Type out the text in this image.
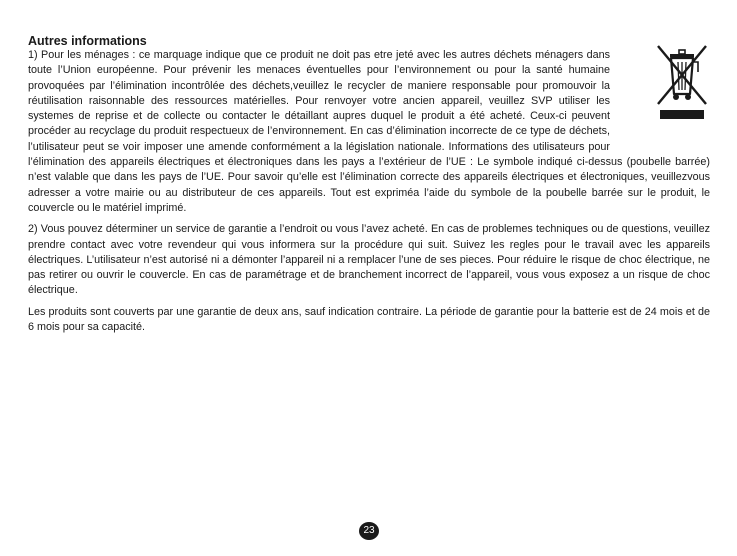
Autres informations

1) Pour les ménages : ce marquage indique que ce produit ne doit pas etre jeté avec les autres déchets ménagers dans toute l’Union européenne. Pour prévenir les menaces éventuelles pour l’environnement ou pour la santé humaine provoquées par l’élimination incontrôlée des déchets,veuillez le recycler de maniere responsable pour promouvoir la réutilisation raisonnable des ressources matérielles. Pour renvoyer votre ancien appareil, veuillez SVP utiliser les systemes de reprise et de collecte ou contacter le détaillant aupres duquel le produit a été acheté. Ceux-ci peuvent procéder au recyclage du produit respectueux de l’environnement. En cas d’élimination incorrecte de ce type de déchets, l’utilisateur peut se voir imposer une amende conformément a la législation nationale. Informations des utilisateurs pour l’élimination des appareils électriques et électroniques dans les pays a l’extérieur de l’UE : Le symbole indiqué ci-dessus (poubelle barrée) n’est valable que dans les pays de l’UE. Pour savoir qu’elle est l’élimination correcte des appareils électriques et électroniques, veuillezvous adresser a votre mairie ou au distributeur de ces appareils. Tout est expriméa l’aide du symbole de la poubelle barrée sur le produit, le couvercle ou le matériel imprimé.

2) Vous pouvez déterminer un service de garantie a l’endroit ou vous l’avez acheté. En cas de problemes techniques ou de questions, veuillez prendre contact avec votre revendeur qui vous informera sur la procédure qui suit. Suivez les regles pour le travail avec les appareils électriques. L’utilisateur n’est autorisé ni a démonter l’appareil ni a remplacer l’une de ses pieces. Pour réduire le risque de choc électrique, ne pas retirer ou ouvrir le couvercle. En cas de paramétrage et de branchement incorrect de l’appareil, vous vous exposez a un risque de choc électrique.

Les produits sont couverts par une garantie de deux ans, sauf indication contraire. La période de garantie pour la batterie est de 24 mois et de 6 mois pour sa capacité.

23
